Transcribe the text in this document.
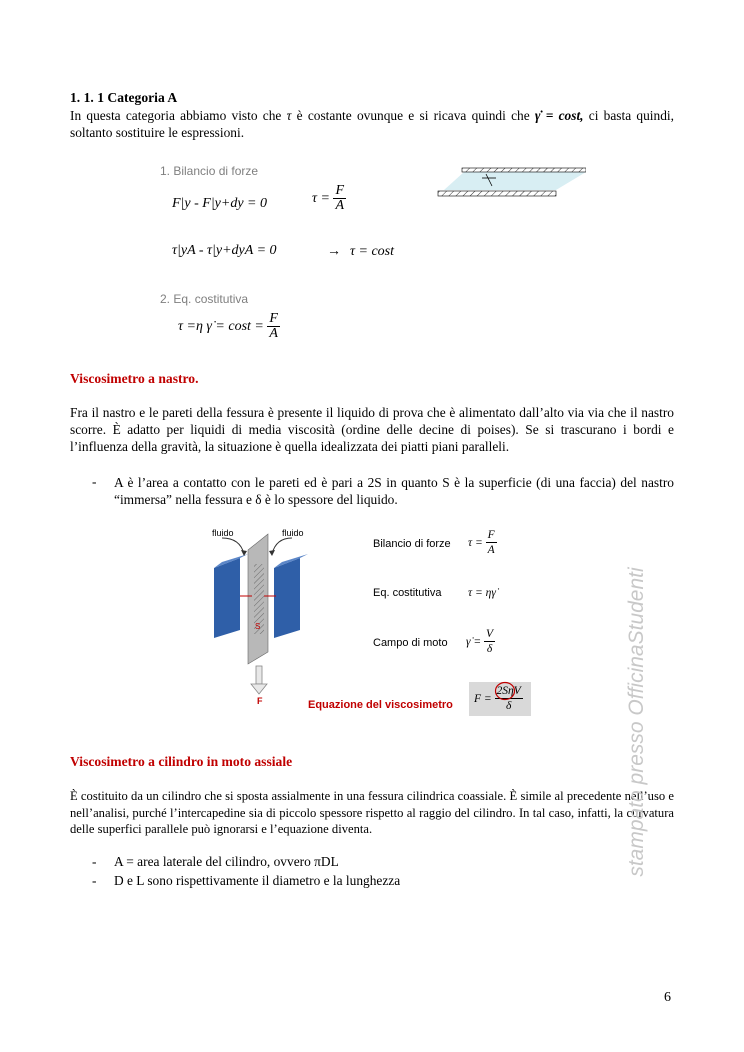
1. 1. 1 Categoria A
In questa categoria abbiamo visto che τ è costante ovunque e si ricava quindi che γ̇ = cost, ci basta quindi, soltanto sostituire le espressioni.
1. Bilancio di forze
F|y - F|y+dy = 0	τ =
$\frac{F}{A}$
τ|yA - τ|y+dyA = 0	→ τ = cost
2. Eq. costitutiva
τ =η γ̇ = cost =
$\frac{F}{A}$
Viscosimetro a nastro.
Fra il nastro e le pareti della fessura è presente il liquido di prova che è alimentato dall’alto via via che il nastro scorre. È adatto per liquidi di media viscosità (ordine delle decine di poises). Se si trascurano i bordi e l’influenza della gravità, la situazione è quella idealizzata dei piatti piani paralleli.
- A è l’area a contatto con le pareti ed è pari a 2S in quanto S è la superficie (di una faccia) del nastro “immersa” nella fessura e δ è lo spessore del liquido.
fluido	fluido
S
F
Bilancio di forze τ =
$\frac{F}{A}$
Eq. costitutiva τ = ηγ̇
Campo di moto γ̇ =
$\frac{V}{\delta}$
Equazione del viscosimetro
F =
$\frac{\text{2SηV}}{\delta}$
Viscosimetro a cilindro in moto assiale
È costituito da un cilindro che si sposta assialmente in una fessura cilindrica coassiale. È simile al precedente nell’uso e nell’analisi, purché l’intercapedine sia di piccolo spessore rispetto al raggio del cilindro. In tal caso, infatti, la curvatura delle superfici parallele può ignorarsi e l’equazione diventa.
- A = area laterale del cilindro, ovvero πDL
- D e L sono rispettivamente il diametro e la lunghezza
stampato presso OfficinaStudenti
6
